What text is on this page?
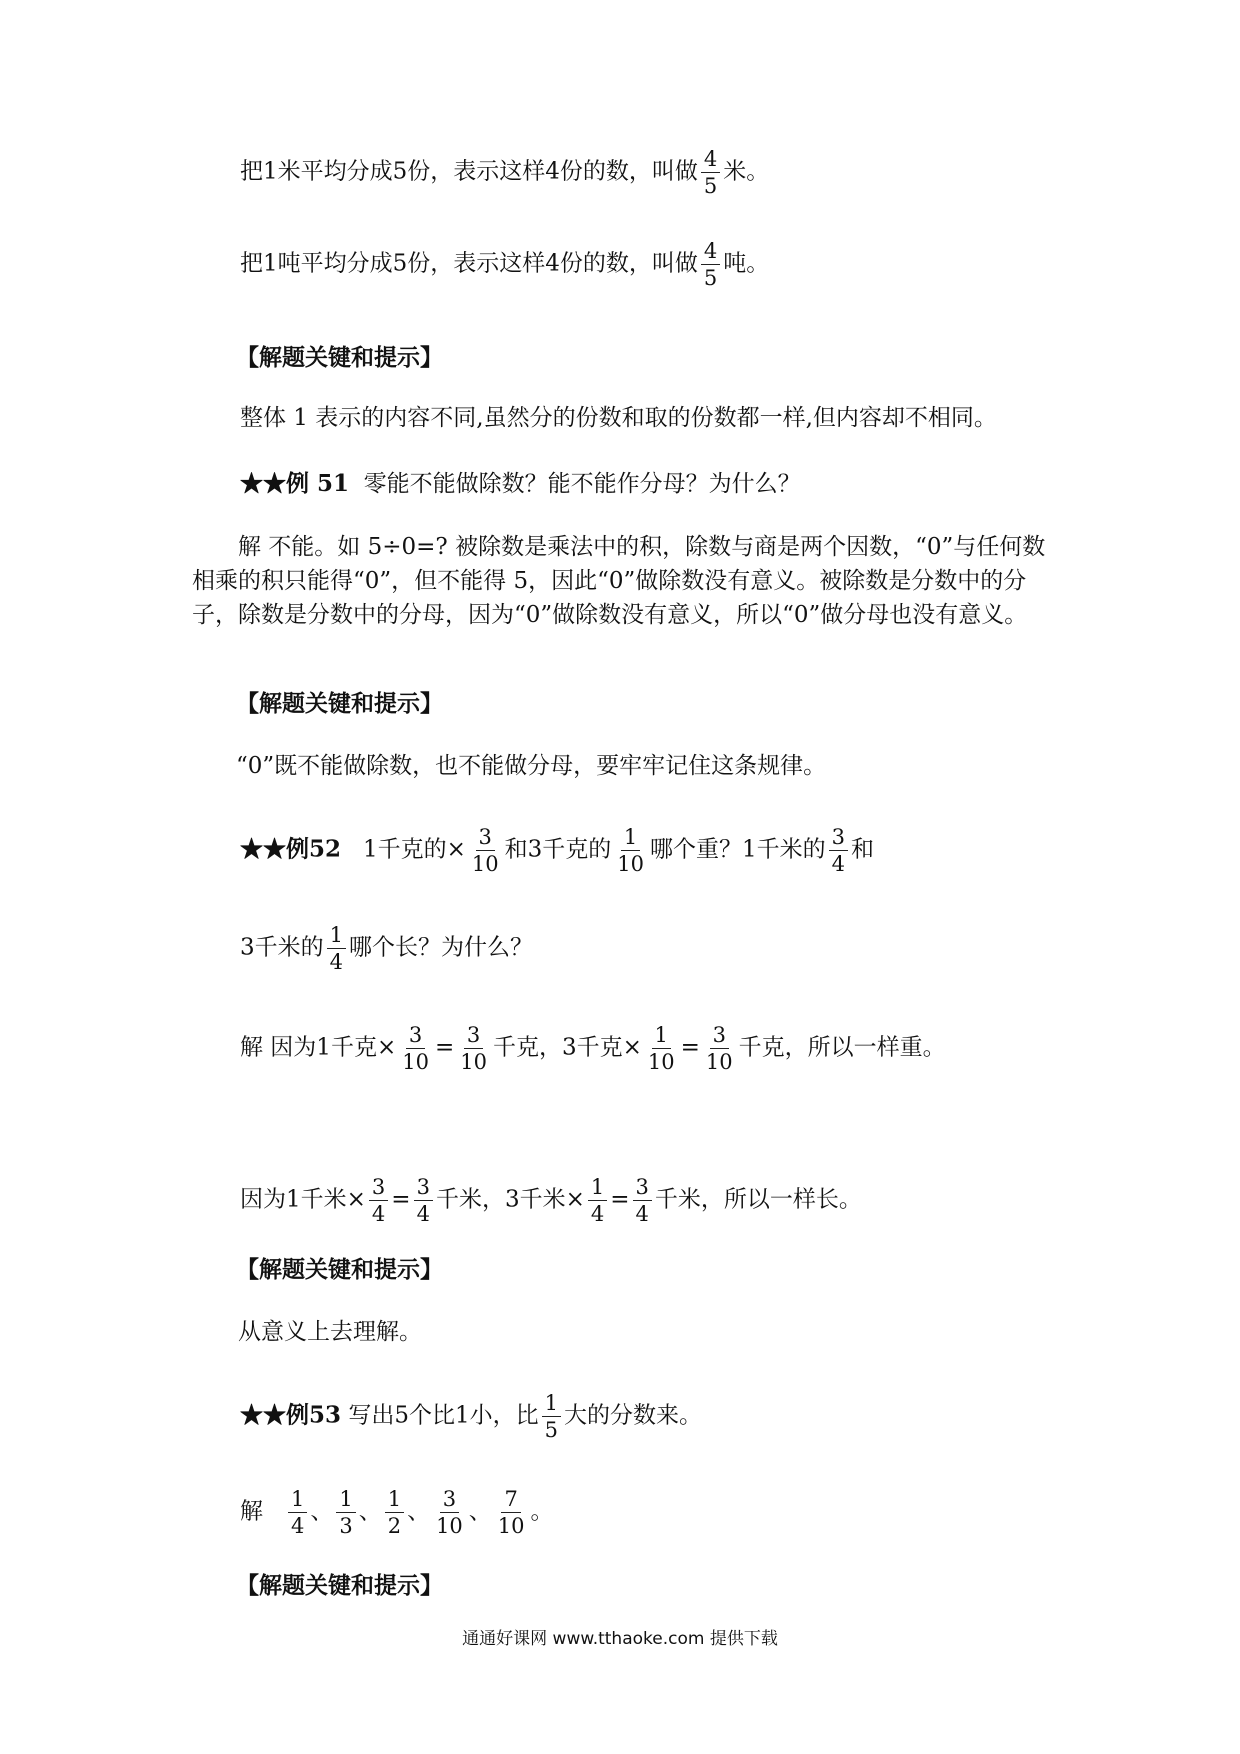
把1米平均分成5份，表示这样4份的数，叫做 $\frac{4}{5}$ 米。
把1吨平均分成5份，表示这样4份的数，叫做 $\frac{4}{5}$ 吨。
【解题关键和提示】
整体 1 表示的内容不同,虽然分的份数和取的份数都一样,但内容却不相同。
★★例 51 零能不能做除数？能不能作分母？为什么？
解 不能。如 5÷0=? 被除数是乘法中的积，除数与商是两个因数，“0”与任何数相乘的积只能得“0”，但不能得 5，因此“0”做除数没有意义。被除数是分数中的分子，除数是分数中的分母，因为“0”做除数没有意义，所以“0”做分母也没有意义。
【解题关键和提示】
“0”既不能做除数，也不能做分母，要牢牢记住这条规律。
★★例52 1千克的× $\frac{3}{10}$ 和3千克的 $\frac{1}{10}$ 哪个重？1千米的 $\frac{3}{4}$ 和
3千米的 $\frac{1}{4}$ 哪个长？为什么？
解 因为1千克× $\frac{3}{10} = \frac{3}{10}$ 千克，3千克× $\frac{1}{10} = \frac{3}{10}$ 千克，所以一样重。
因为1千米× $\frac{3}{4} = \frac{3}{4}$ 千米，3千米× $\frac{1}{4} = \frac{3}{4}$ 千米，所以一样长。
【解题关键和提示】
从意义上去理解。
★★例53 写出5个比1小，比 $\frac{1}{5}$ 大的分数来。
解 $\frac{1}{4}$ 、 $\frac{1}{3}$ 、 $\frac{1}{2}$ 、 $\frac{3}{10}$ 、 $\frac{7}{10}$ 。
【解题关键和提示】
通通好课网 www.tthaoke.com 提供下载
